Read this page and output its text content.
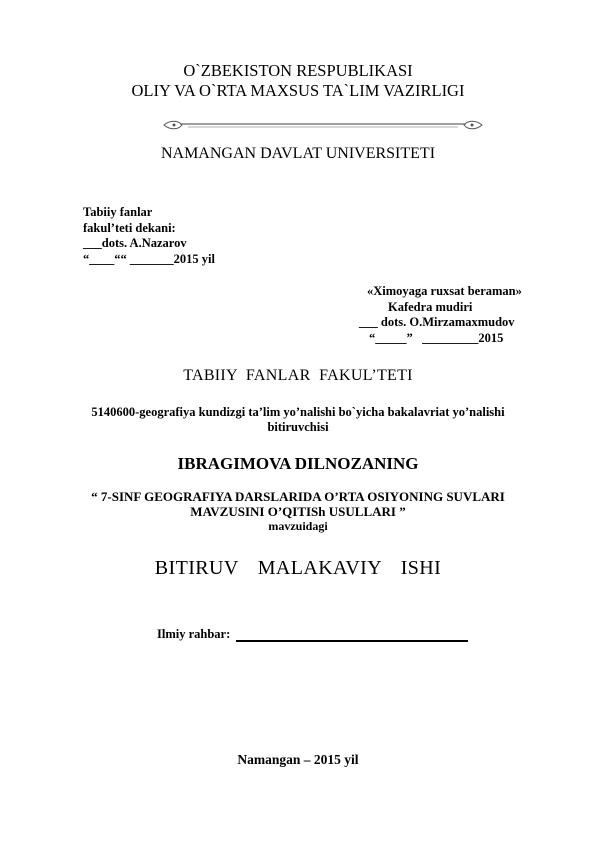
O`ZBEKISTON RESPUBLIKASI
OLIY VA O`RTA MAXSUS TA`LIM VAZIRLIGI
NAMANGAN DAVLAT UNIVERSITETI
Tabiiy fanlar
fakul’teti dekani:
___dots. A.Nazarov
“____““ _______2015 yil
«Ximoyaga ruxsat beraman»
Kafedra mudiri
___ dots. O.Mirzamaxmudov
“_____”   _________2015
TABIIY  FANLAR  FAKUL’TETI
5140600-geografiya kundizgi ta’lim yo’nalishi bo`yicha bakalavriat yo’nalishi
bitiruvchisi
IBRAGIMOVA DILNOZANING
“ 7-SINF GEOGRAFIYA DARSLARIDA O’RTA OSIYONING SUVLARI
MAVZUSINI O’QITISh USULLARI ”
mavzuidagi
BITIRUV MALAKAVIY ISHI
Ilmiy rahbar:
Namangan – 2015 yil
